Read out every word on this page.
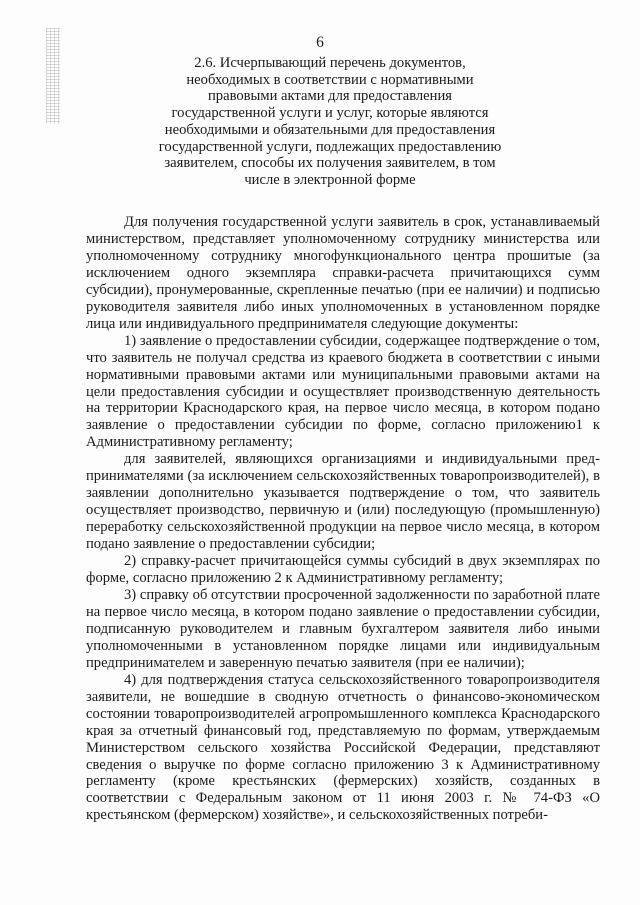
6
2.6. Исчерпывающий перечень документов,
необходимых в соответствии с нормативными
правовыми актами для предоставления
государственной услуги и услуг, которые являются
необходимыми и обязательными для предоставления
государственной услуги, подлежащих предоставлению
заявителем, способы их получения заявителем, в том
числе в электронной форме

Для получения государственной услуги заявитель в срок, устанавливаемый министерством, представляет уполномоченному сотруднику министерства или уполномоченному сотруднику многофункционального центра прошитые (за исключением одного экземпляра справки-расчета причитающихся сумм субсидии), пронумерованные, скрепленные печатью (при ее наличии) и подписью руководителя заявителя либо иных уполномоченных в установленном порядке лица или индивидуального предпринимателя следующие документы:

1) заявление о предоставлении субсидии, содержащее подтверждение о том, что заявитель не получал средства из краевого бюджета в соответствии с иными нормативными правовыми актами или муниципальными правовыми актами на цели предоставления субсидии и осуществляет производственную деятельность на территории Краснодарского края, на первое число месяца, в котором подано заявление о предоставлении субсидии по форме, согласно приложению1 к Административному регламенту;

для заявителей, являющихся организациями и индивидуальными предпринимателями (за исключением сельскохозяйственных товаропроизводителей), в заявлении дополнительно указывается подтверждение о том, что заявитель осуществляет производство, первичную и (или) последующую (промышленную) переработку сельскохозяйственной продукции на первое число месяца, в котором подано заявление о предоставлении субсидии;

2) справку-расчет причитающейся суммы субсидий в двух экземплярах по форме, согласно приложению 2 к Административному регламенту;

3) справку об отсутствии просроченной задолженности по заработной плате на первое число месяца, в котором подано заявление о предоставлении субсидии, подписанную руководителем и главным бухгалтером заявителя либо иными уполномоченными в установленном порядке лицами или индивидуальным предпринимателем и заверенную печатью заявителя (при ее наличии);

4) для подтверждения статуса сельскохозяйственного товаропроизводителя заявители, не вошедшие в сводную отчетность о финансово-экономическом состоянии товаропроизводителей агропромышленного комплекса Краснодарского края за отчетный финансовый год, представляемую по формам, утверждаемым Министерством сельского хозяйства Российской Федерации, представляют сведения о выручке по форме согласно приложению 3 к Административному регламенту (кроме крестьянских (фермерских) хозяйств, созданных в соответствии с Федеральным законом от 11 июня 2003 г. № 74-ФЗ «О крестьянском (фермерском) хозяйстве», и сельскохозяйственных потреби-
